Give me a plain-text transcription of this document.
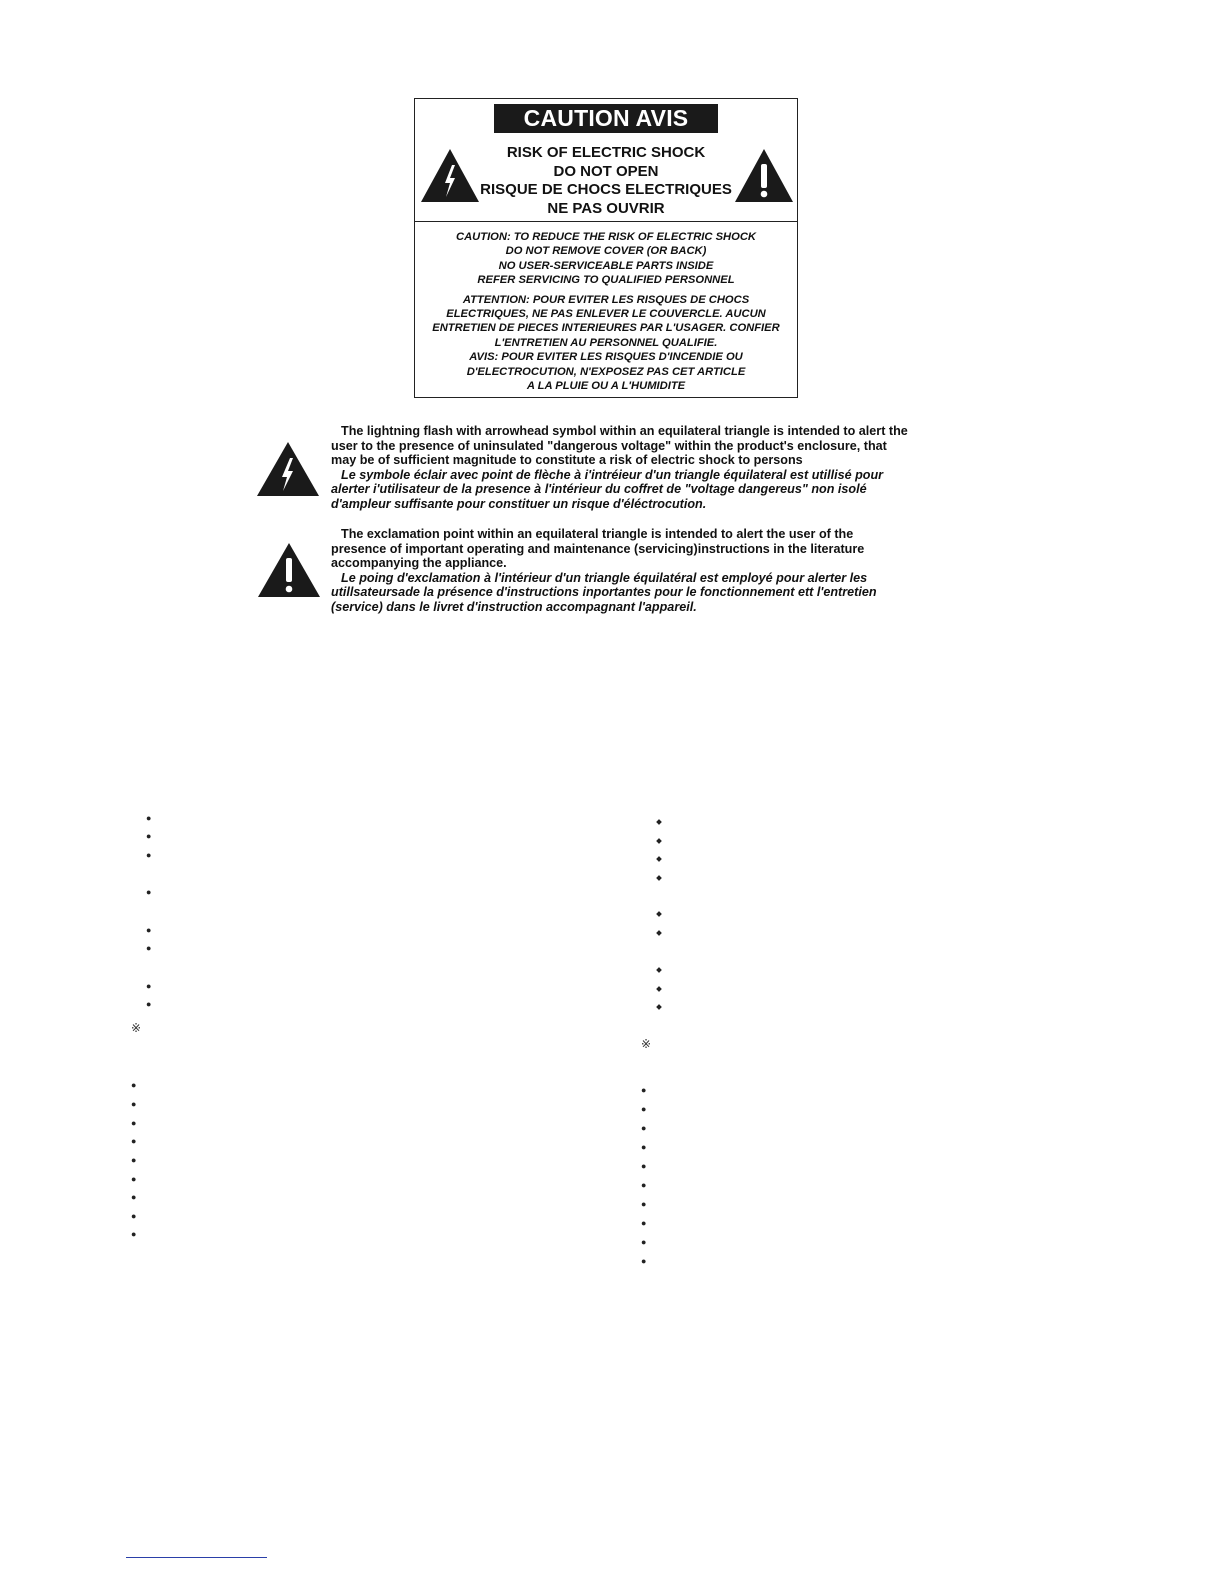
CAUTION AVIS
RISK OF ELECTRIC SHOCK
DO NOT OPEN
RISQUE DE CHOCS ELECTRIQUES
NE PAS OUVRIR
CAUTION: TO REDUCE THE RISK OF ELECTRIC SHOCK
DO NOT REMOVE COVER (OR BACK)
NO USER-SERVICEABLE PARTS INSIDE
REFER SERVICING TO QUALIFIED PERSONNEL
ATTENTION: POUR EVITER LES RISQUES DE CHOCS
ELECTRIQUES, NE PAS ENLEVER LE COUVERCLE. AUCUN
ENTRETIEN DE PIECES INTERIEURES PAR L'USAGER. CONFIER
L'ENTRETIEN AU PERSONNEL QUALIFIE.
AVIS: POUR EVITER LES RISQUES D'INCENDIE OU
D'ELECTROCUTION, N'EXPOSEZ PAS CET ARTICLE
A LA PLUIE OU A L'HUMIDITE
The lightning flash with arrowhead symbol within an equilateral triangle is intended to alert the
user to the presence of uninsulated "dangerous voltage" within the product's enclosure, that
may be of sufficient magnitude to constitute a risk of electric shock to persons
Le symbole éclair avec point de flèche à i'intréieur d'un triangle équilateral est utillisé pour
alerter i'utilisateur de la presence à l'intérieur du coffret de "voltage dangereus" non isolé
d'ampleur suffisante pour constituer un risque d'éléctrocution.
The exclamation point within an equilateral triangle is intended to alert the user of the
presence of important operating and maintenance (servicing)instructions in the literature
accompanying the appliance.
Le poing d'exclamation à l'intérieur d'un triangle équilatéral est employé pour alerter les
utillsateursade la présence d'instructions inportantes pour le fonctionnement ett l'entretien
(service) dans le livret d'instruction accompagnant l'appareil.
●
●
●
●
●
●
●
●
※
●
●
●
●
●
●
●
●
●
※
●
●
●
●
●
●
●
●
●
●
